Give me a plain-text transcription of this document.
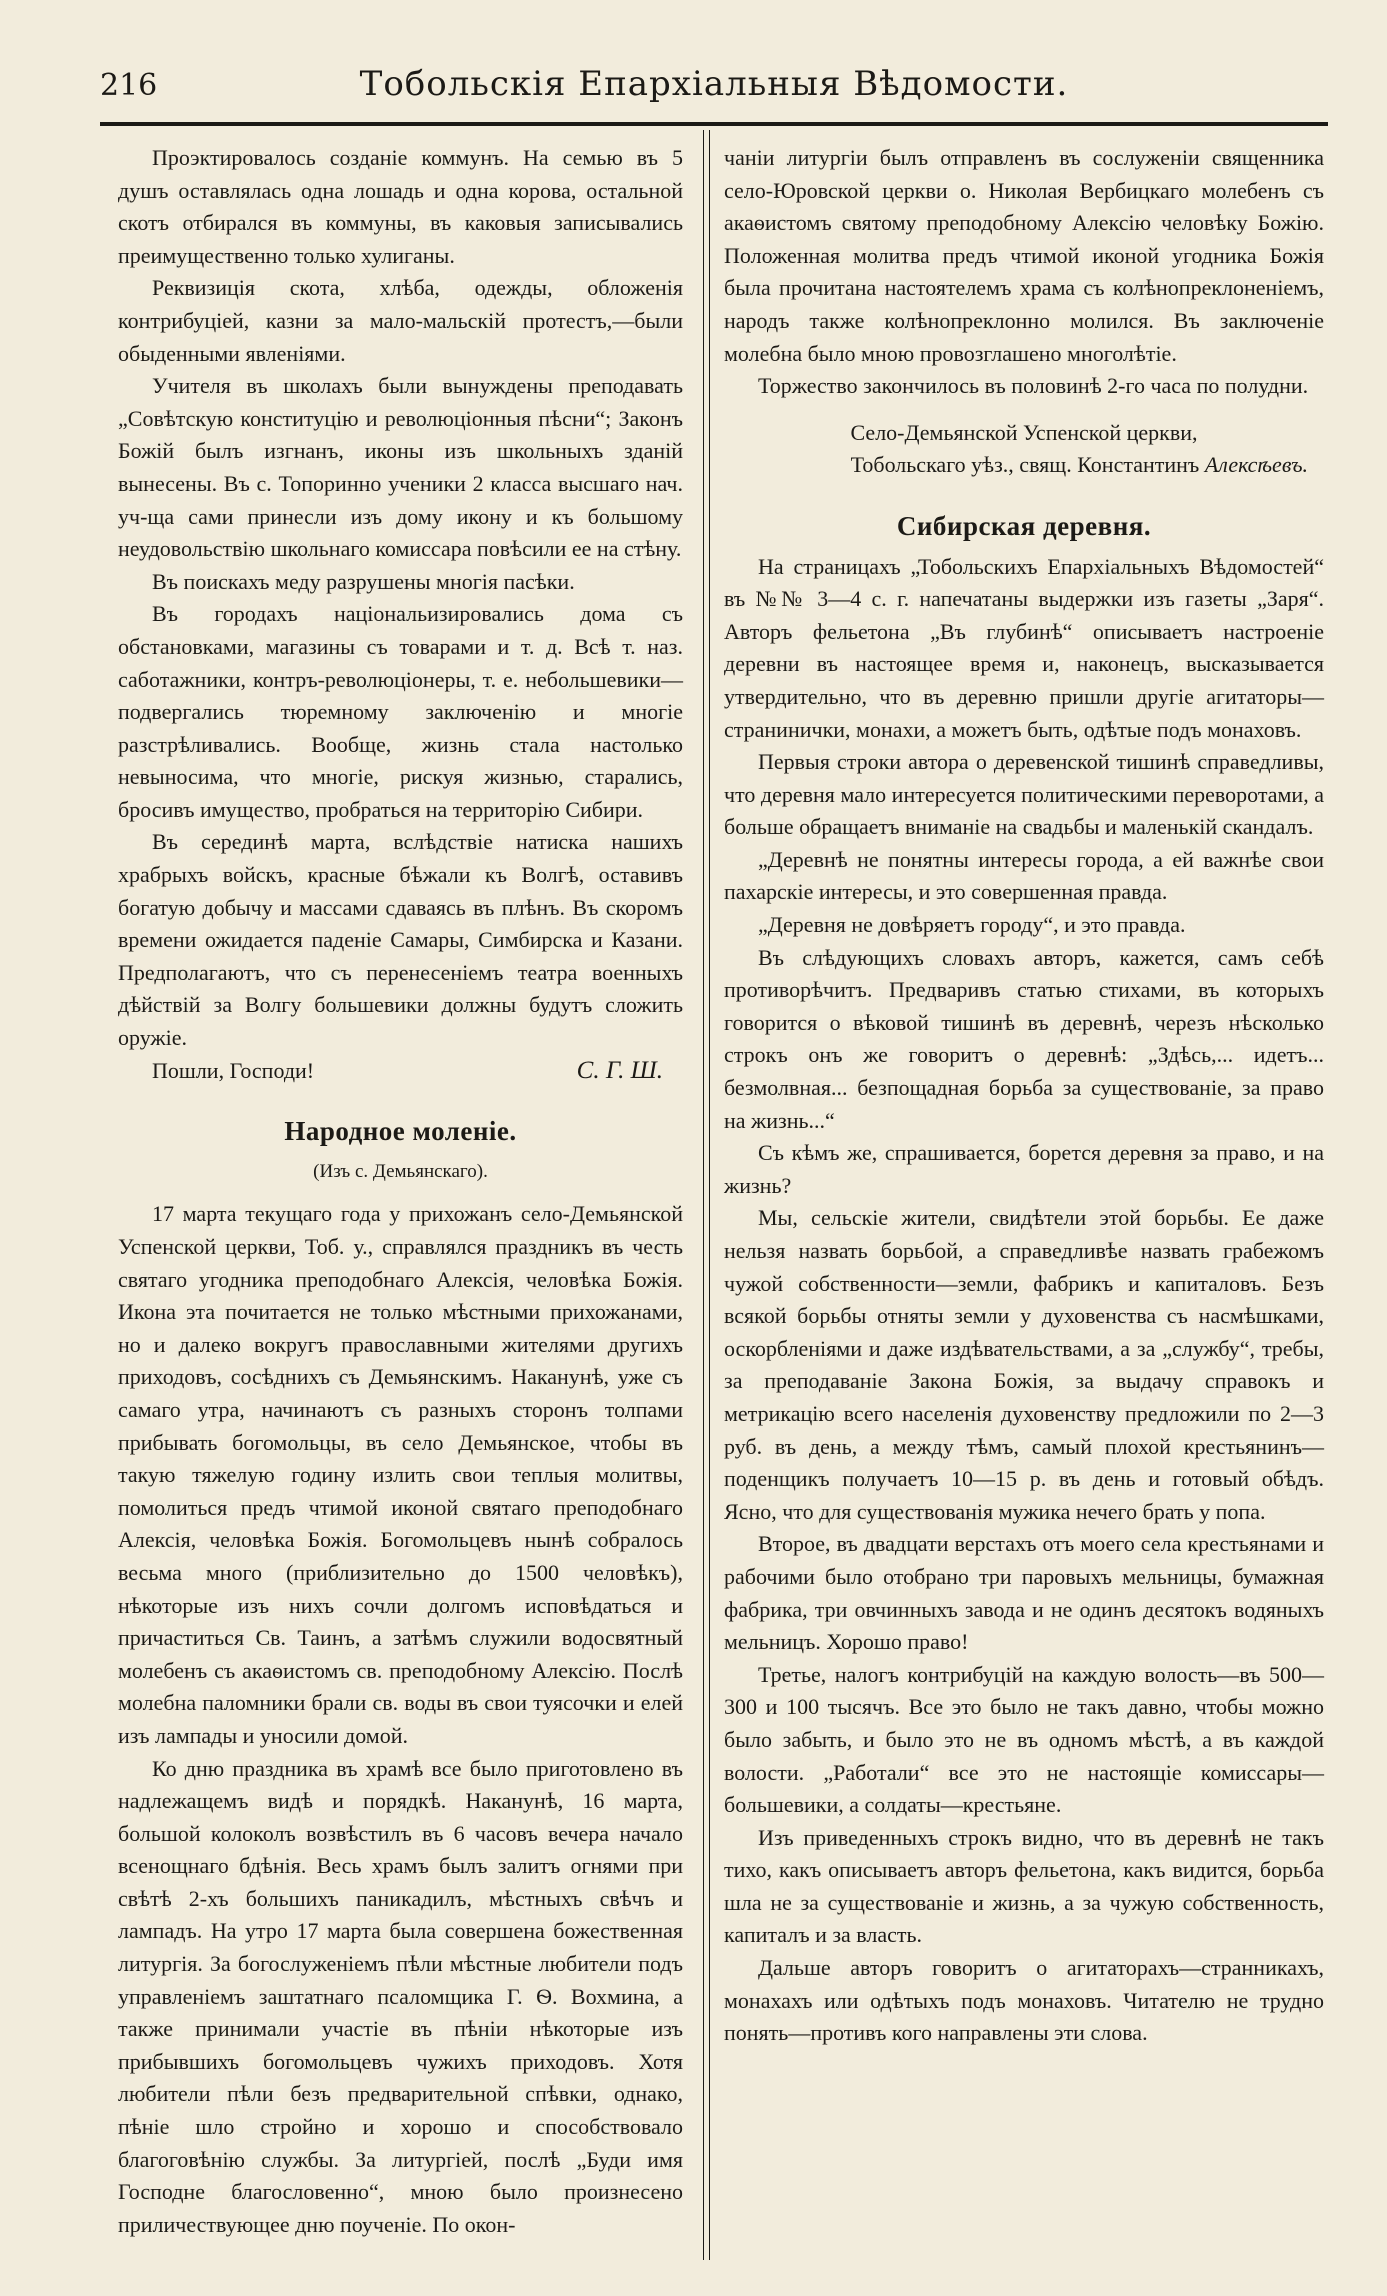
216	Тобольскія Епархіальныя Вѣдомости.

Проэктировалось созданіе коммунъ. На семью въ 5 душъ оставлялась одна лошадь и одна корова, остальной скотъ отбирался въ коммуны, въ каковыя записывались преимущественно только хулиганы.

Реквизиція скота, хлѣба, одежды, обложенія контрибуціей, казни за мало-мальскій протестъ,—были обыденными явленіями.

Учителя въ школахъ были вынуждены преподавать „Совѣтскую конституцію и революціонныя пѣсни“; Законъ Божій былъ изгнанъ, иконы изъ школьныхъ зданій вынесены. Въ с. Топоринно ученики 2 класса высшаго нач. уч-ща сами принесли изъ дому икону и къ большому неудовольствію школьнаго комиссара повѣсили ее на стѣну.

Въ поискахъ меду разрушены многія пасѣки.

Въ городахъ національизировались дома съ обстановками, магазины съ товарами и т. д. Всѣ т. наз. саботажники, контръ-революціонеры, т. е. небольшевики—подвергались тюремному заключенію и многіе разстрѣливались. Вообще, жизнь стала настолько невыносима, что многіе, рискуя жизнью, старались, бросивъ имущество, пробраться на территорію Сибири.

Въ серединѣ марта, вслѣдствіе натиска нашихъ храбрыхъ войскъ, красные бѣжали къ Волгѣ, оставивъ богатую добычу и массами сдаваясь въ плѣнъ. Въ скоромъ времени ожидается паденіе Самары, Симбирска и Казани. Предполагаютъ, что съ перенесеніемъ театра военныхъ дѣйствій за Волгу большевики должны будутъ сложить оружіе.

Пошли, Господи!	С. Г. Ш.
Народное моленіе.
(Изъ с. Демьянскаго).

17 марта текущаго года у прихожанъ село-Демьянской Успенской церкви, Тоб. у., справлялся праздникъ въ честь святаго угодника преподобнаго Алексія, человѣка Божія. Икона эта почитается не только мѣстными прихожанами, но и далеко вокругъ православными жителями другихъ приходовъ, сосѣднихъ съ Демьянскимъ. Наканунѣ, уже съ самаго утра, начинаютъ съ разныхъ сторонъ толпами прибывать богомольцы, въ село Демьянское, чтобы въ такую тяжелую годину излить свои теплыя молитвы, помолиться предъ чтимой иконой святаго преподобнаго Алексія, человѣка Божія. Богомольцевъ нынѣ собралось весьма много (приблизительно до 1500 человѣкъ), нѣкоторые изъ нихъ сочли долгомъ исповѣдаться и причаститься Св. Таинъ, а затѣмъ служили водосвятный молебенъ съ акаѳистомъ св. преподобному Алексію. Послѣ молебна паломники брали св. воды въ свои туясочки и елей изъ лампады и уносили домой.

Ко дню праздника въ храмѣ все было приготовлено въ надлежащемъ видѣ и порядкѣ. Наканунѣ, 16 марта, большой колоколъ возвѣстилъ въ 6 часовъ вечера начало всенощнаго бдѣнія. Весь храмъ былъ залитъ огнями при свѣтѣ 2-хъ большихъ паникадилъ, мѣстныхъ свѣчъ и лампадъ. На утро 17 марта была совершена божественная литургія. За богослуженіемъ пѣли мѣстные любители подъ управленіемъ заштатнаго псаломщика Г. Ѳ. Вохмина, а также принимали участіе въ пѣніи нѣкоторые изъ прибывшихъ богомольцевъ чужихъ приходовъ. Хотя любители пѣли безъ предварительной спѣвки, однако, пѣніе шло стройно и хорошо и способствовало благоговѣнію службы. За литургіей, послѣ „Буди имя Господне благословенно“, мною было произнесено приличествующее дню поученіе. По окон-

чаніи литургіи былъ отправленъ въ сослуженіи священника село-Юровской церкви о. Николая Вербицкаго молебенъ съ акаѳистомъ святому преподобному Алексію человѣку Божію. Положенная молитва предъ чтимой иконой угодника Божія была прочитана настоятелемъ храма съ колѣнопреклоненіемъ, народъ также колѣнопреклонно молился. Въ заключеніе молебна было мною провозглашено многолѣтіе.

Торжество закончилось въ половинѣ 2-го часа по полудни.

Село-Демьянской Успенской церкви,
Тобольскаго уѣз., свящ. Константинъ Алексѣевъ.
Сибирская деревня.

На страницахъ „Тобольскихъ Епархіальныхъ Вѣдомостей“ въ №№ 3—4 с. г. напечатаны выдержки изъ газеты „Заря“. Авторъ фельетона „Въ глубинѣ“ описываетъ настроеніе деревни въ настоящее время и, наконецъ, высказывается утвердительно, что въ деревню пришли другіе агитаторы—странинички, монахи, а можетъ быть, одѣтые подъ монаховъ.

Первыя строки автора о деревенской тишинѣ справедливы, что деревня мало интересуется политическими переворотами, а больше обращаетъ вниманіе на свадьбы и маленькій скандалъ.

„Деревнѣ не понятны интересы города, а ей важнѣе свои пахарскіе интересы, и это совершенная правда.

„Деревня не довѣряетъ городу“, и это правда.

Въ слѣдующихъ словахъ авторъ, кажется, самъ себѣ противорѣчитъ. Предваривъ статью стихами, въ которыхъ говорится о вѣковой тишинѣ въ деревнѣ, черезъ нѣсколько строкъ онъ же говоритъ о деревнѣ: „Здѣсь,... идетъ... безмолвная... безпощадная борьба за существованіе, за право на жизнь...“

Съ кѣмъ же, спрашивается, борется деревня за право, и на жизнь?

Мы, сельскіе жители, свидѣтели этой борьбы. Ее даже нельзя назвать борьбой, а справедливѣе назвать грабежомъ чужой собственности—земли, фабрикъ и капиталовъ. Безъ всякой борьбы отняты земли у духовенства съ насмѣшками, оскорбленіями и даже издѣвательствами, а за „службу“, требы, за преподаваніе Закона Божія, за выдачу справокъ и метрикацію всего населенія духовенству предложили по 2—3 руб. въ день, а между тѣмъ, самый плохой крестьянинъ—поденщикъ получаетъ 10—15 р. въ день и готовый обѣдъ. Ясно, что для существованія мужика нечего брать у попа.

Второе, въ двадцати верстахъ отъ моего села крестьянами и рабочими было отобрано три паровыхъ мельницы, бумажная фабрика, три овчинныхъ завода и не одинъ десятокъ водяныхъ мельницъ. Хорошо право!

Третье, налогъ контрибуцій на каждую волость—въ 500—300 и 100 тысячъ. Все это было не такъ давно, чтобы можно было забыть, и было это не въ одномъ мѣстѣ, а въ каждой волости. „Работали“ все это не настоящіе комиссары—большевики, а солдаты—крестьяне.

Изъ приведенныхъ строкъ видно, что въ деревнѣ не такъ тихо, какъ описываетъ авторъ фельетона, какъ видится, борьба шла не за существованіе и жизнь, а за чужую собственность, капиталъ и за власть.

Дальше авторъ говоритъ о агитаторахъ—странникахъ, монахахъ или одѣтыхъ подъ монаховъ. Читателю не трудно понять—противъ кого направлены эти слова.
